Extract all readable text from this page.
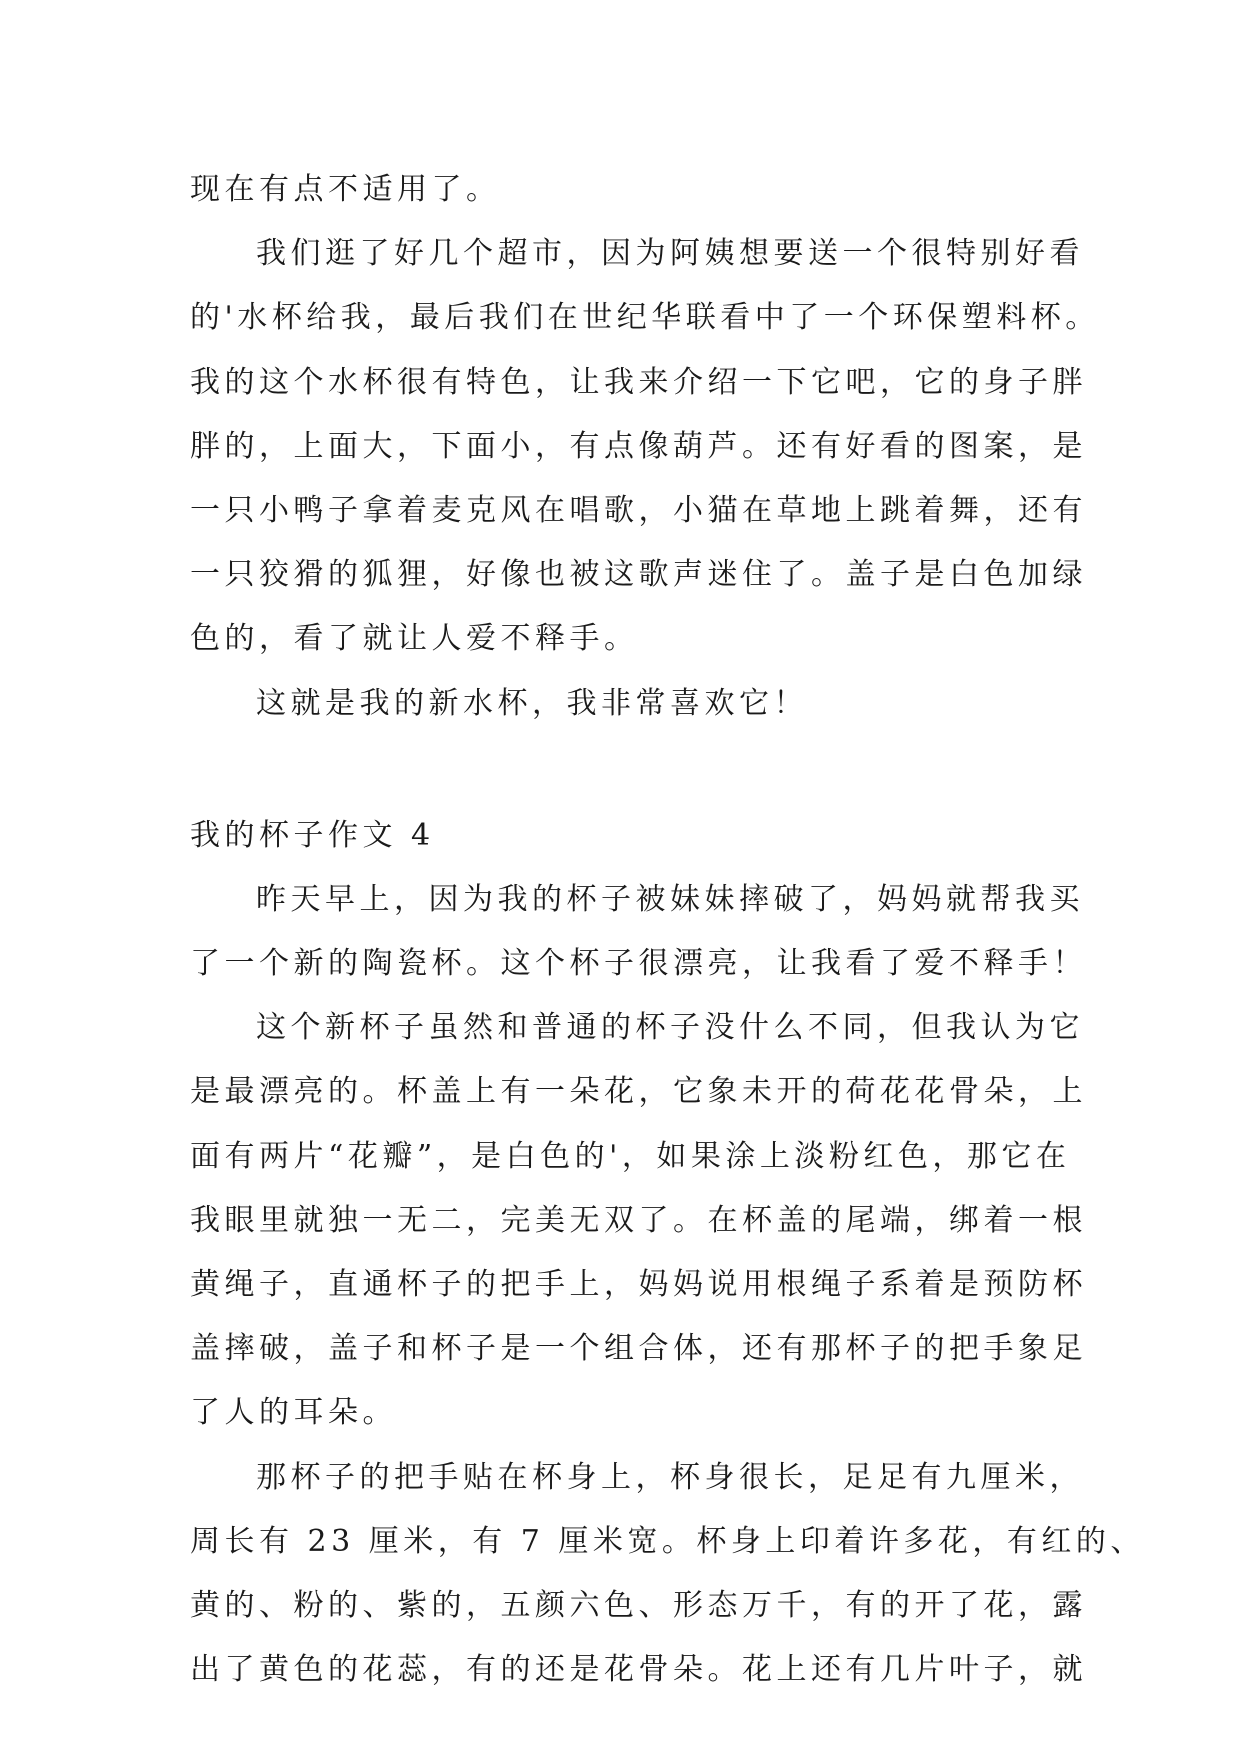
现在有点不适用了。
我们逛了好几个超市，因为阿姨想要送一个很特别好看
的'水杯给我，最后我们在世纪华联看中了一个环保塑料杯。
我的这个水杯很有特色，让我来介绍一下它吧，它的身子胖
胖的，上面大，下面小，有点像葫芦。还有好看的图案，是
一只小鸭子拿着麦克风在唱歌，小猫在草地上跳着舞，还有
一只狡猾的狐狸，好像也被这歌声迷住了。盖子是白色加绿
色的，看了就让人爱不释手。
这就是我的新水杯，我非常喜欢它！
我的杯子作文 4
昨天早上，因为我的杯子被妹妹摔破了，妈妈就帮我买
了一个新的陶瓷杯。这个杯子很漂亮，让我看了爱不释手！
这个新杯子虽然和普通的杯子没什么不同，但我认为它
是最漂亮的。杯盖上有一朵花，它象未开的荷花花骨朵，上
面有两片“花瓣”，是白色的'，如果涂上淡粉红色，那它在
我眼里就独一无二，完美无双了。在杯盖的尾端，绑着一根
黄绳子，直通杯子的把手上，妈妈说用根绳子系着是预防杯
盖摔破，盖子和杯子是一个组合体，还有那杯子的把手象足
了人的耳朵。
那杯子的把手贴在杯身上，杯身很长，足足有九厘米，
周长有 23 厘米，有 7 厘米宽。杯身上印着许多花，有红的、
黄的、粉的、紫的，五颜六色、形态万千，有的开了花，露
出了黄色的花蕊，有的还是花骨朵。花上还有几片叶子，就
